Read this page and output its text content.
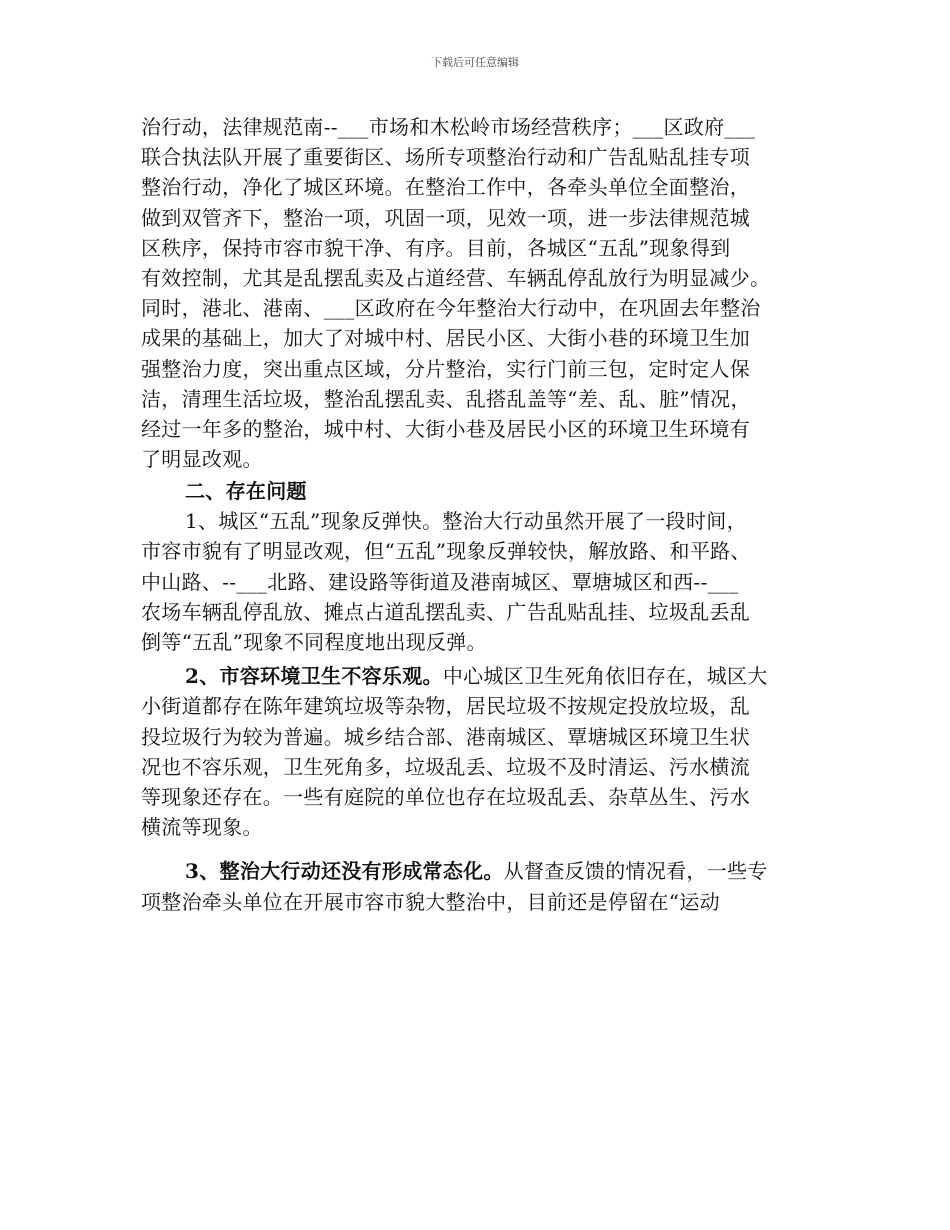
下载后可任意编辑
治行动，法律规范南--___市场和木松岭市场经营秩序；___区政府___
联合执法队开展了重要街区、场所专项整治行动和广告乱贴乱挂专项
整治行动，净化了城区环境。在整治工作中，各牵头单位全面整治，
做到双管齐下，整治一项，巩固一项，见效一项，进一步法律规范城
区秩序，保持市容市貌干净、有序。目前，各城区“五乱”现象得到
有效控制，尤其是乱摆乱卖及占道经营、车辆乱停乱放行为明显减少。
同时，港北、港南、___区政府在今年整治大行动中，在巩固去年整治
成果的基础上，加大了对城中村、居民小区、大街小巷的环境卫生加
强整治力度，突出重点区域，分片整治，实行门前三包，定时定人保
洁，清理生活垃圾，整治乱摆乱卖、乱搭乱盖等“差、乱、脏”情况，
经过一年多的整治，城中村、大街小巷及居民小区的环境卫生环境有
了明显改观。
二、存在问题
1、城区“五乱”现象反弹快。整治大行动虽然开展了一段时间，
市容市貌有了明显改观，但“五乱”现象反弹较快，解放路、和平路、
中山路、--___北路、建设路等街道及港南城区、覃塘城区和西--___
农场车辆乱停乱放、摊点占道乱摆乱卖、广告乱贴乱挂、垃圾乱丢乱
倒等“五乱”现象不同程度地出现反弹。
2、市容环境卫生不容乐观。中心城区卫生死角依旧存在，城区大
小街道都存在陈年建筑垃圾等杂物，居民垃圾不按规定投放垃圾，乱
投垃圾行为较为普遍。城乡结合部、港南城区、覃塘城区环境卫生状
况也不容乐观，卫生死角多，垃圾乱丢、垃圾不及时清运、污水横流
等现象还存在。一些有庭院的单位也存在垃圾乱丢、杂草丛生、污水
横流等现象。
3、整治大行动还没有形成常态化。从督查反馈的情况看，一些专
项整治牵头单位在开展市容市貌大整治中，目前还是停留在“运动
